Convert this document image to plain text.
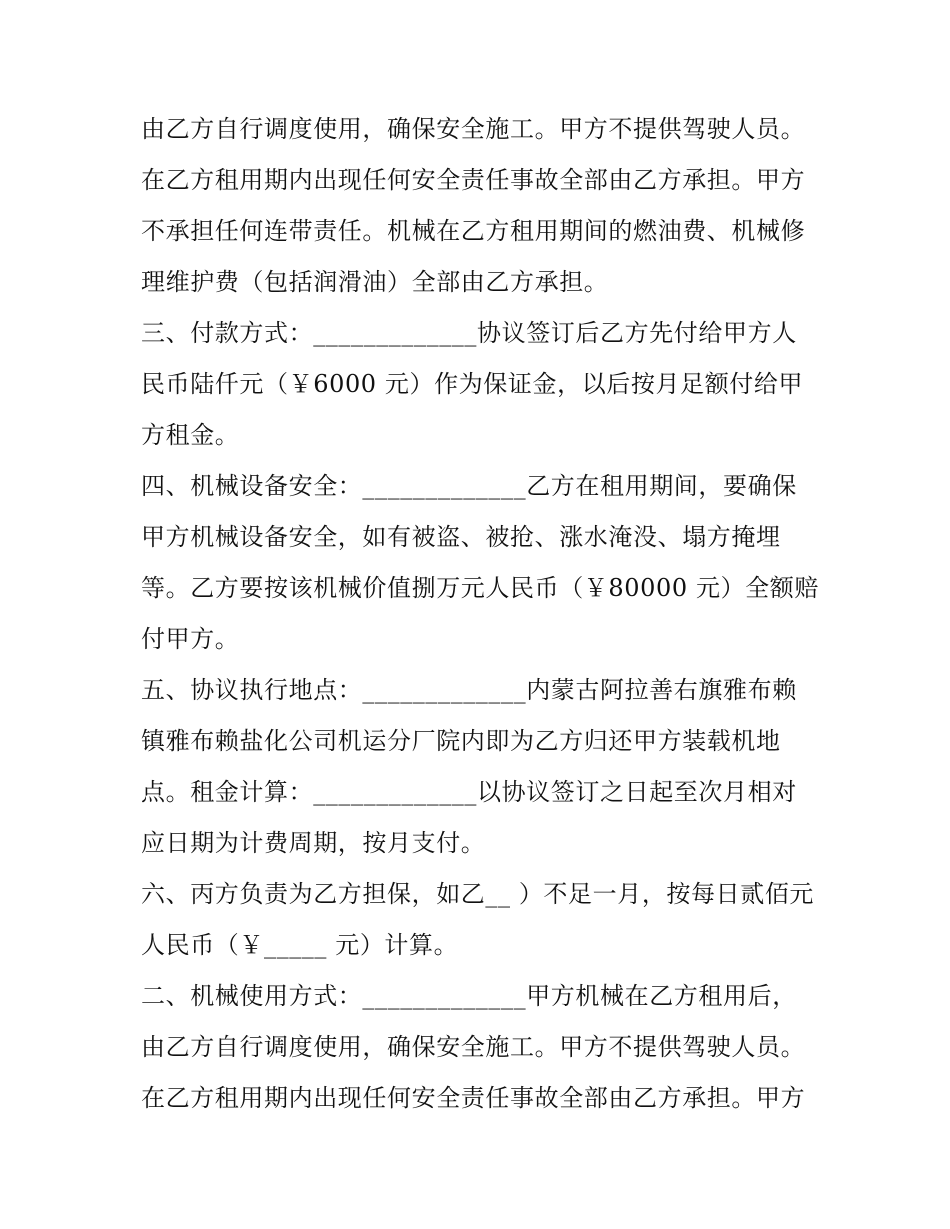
由乙方自行调度使用，确保安全施工。甲方不提供驾驶人员。
在乙方租用期内出现任何安全责任事故全部由乙方承担。甲方
不承担任何连带责任。机械在乙方租用期间的燃油费、机械修
理维护费（包括润滑油）全部由乙方承担。
三、付款方式：_____________协议签订后乙方先付给甲方人
民币陆仟元（￥6000 元）作为保证金，以后按月足额付给甲
方租金。
四、机械设备安全：_____________乙方在租用期间，要确保
甲方机械设备安全，如有被盗、被抢、涨水淹没、塌方掩埋
等。乙方要按该机械价值捌万元人民币（￥80000 元）全额赔
付甲方。
五、协议执行地点：_____________内蒙古阿拉善右旗雅布赖
镇雅布赖盐化公司机运分厂院内即为乙方归还甲方装载机地
点。租金计算：_____________以协议签订之日起至次月相对
应日期为计费周期，按月支付。
六、丙方负责为乙方担保，如乙__ ）不足一月，按每日贰佰元
人民币（￥_____ 元）计算。
二、机械使用方式：_____________甲方机械在乙方租用后，
由乙方自行调度使用，确保安全施工。甲方不提供驾驶人员。
在乙方租用期内出现任何安全责任事故全部由乙方承担。甲方
